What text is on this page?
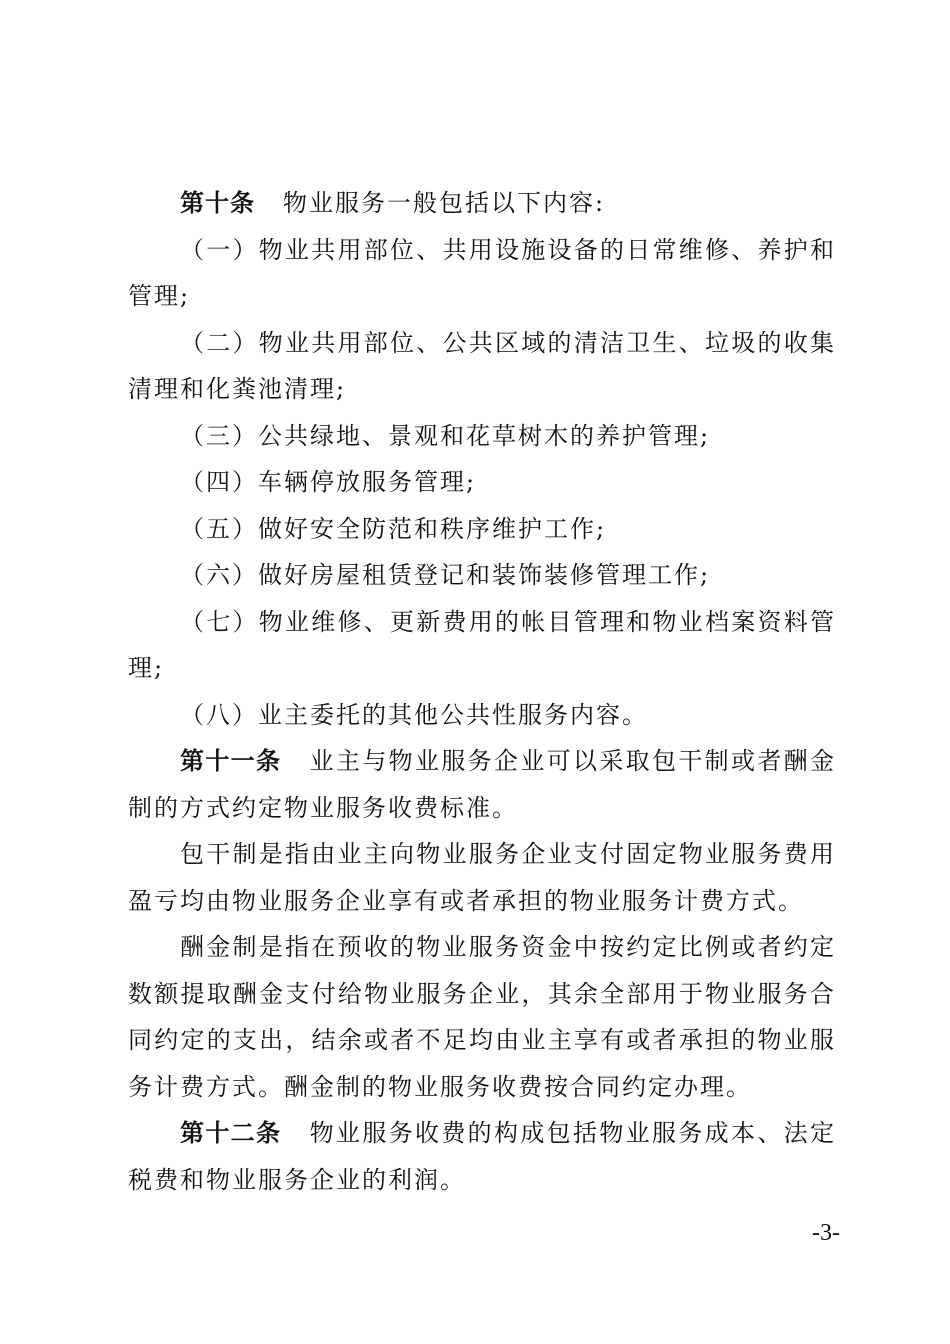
第十条 物业服务一般包括以下内容:

（一）物业共用部位、共用设施设备的日常维修、养护和管理;

（二）物业共用部位、公共区域的清洁卫生、垃圾的收集清理和化粪池清理;

（三）公共绿地、景观和花草树木的养护管理;

（四）车辆停放服务管理;

（五）做好安全防范和秩序维护工作;

（六）做好房屋租赁登记和装饰装修管理工作;

（七）物业维修、更新费用的帐目管理和物业档案资料管理;

（八）业主委托的其他公共性服务内容。

第十一条 业主与物业服务企业可以采取包干制或者酬金制的方式约定物业服务收费标准。

包干制是指由业主向物业服务企业支付固定物业服务费用盈亏均由物业服务企业享有或者承担的物业服务计费方式。

酬金制是指在预收的物业服务资金中按约定比例或者约定数额提取酬金支付给物业服务企业，其余全部用于物业服务合同约定的支出，结余或者不足均由业主享有或者承担的物业服务计费方式。酬金制的物业服务收费按合同约定办理。

第十二条 物业服务收费的构成包括物业服务成本、法定税费和物业服务企业的利润。

-3-
